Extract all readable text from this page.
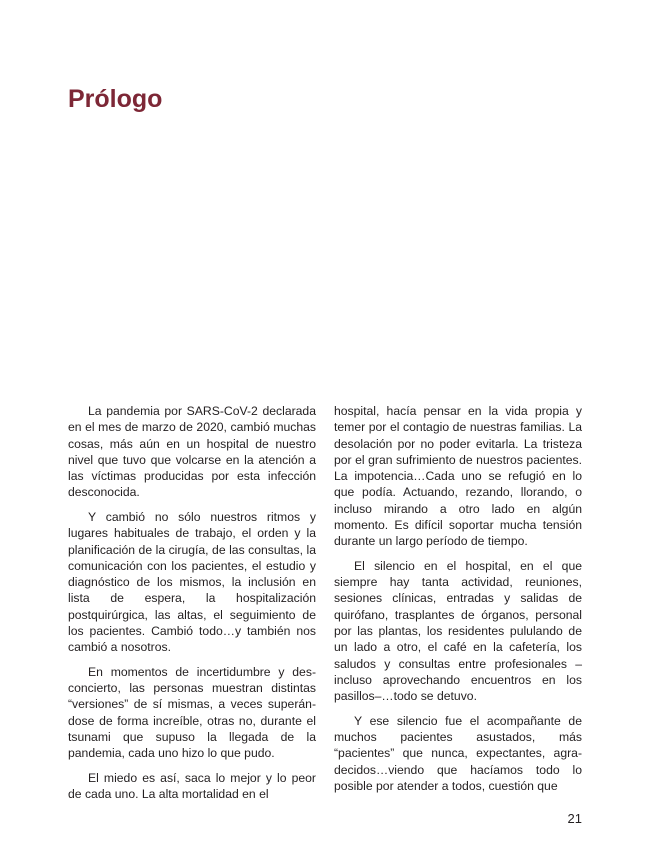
Prólogo

La pandemia por SARS-CoV-2 declarada en el mes de marzo de 2020, cambió muchas cosas, más aún en un hospital de nuestro nivel que tuvo que volcarse en la atención a las víctimas producidas por esta infección desconocida.

Y cambió no sólo nuestros ritmos y lugares habituales de trabajo, el orden y la planificación de la cirugía, de las consultas, la comunicación con los pacientes, el estudio y diagnóstico de los mismos, la inclusión en lista de espera, la hospitalización postquirúrgica, las altas, el seguimiento de los pacientes. Cambió todo…y también nos cambió a nosotros.

En momentos de incertidumbre y desconcierto, las personas muestran distintas “versiones” de sí mismas, a veces superándose de forma increíble, otras no, durante el tsunami que supuso la llegada de la pandemia, cada uno hizo lo que pudo.

El miedo es así, saca lo mejor y lo peor de cada uno. La alta mortalidad en el

hospital, hacía pensar en la vida propia y temer por el contagio de nuestras familias. La desolación por no poder evitarla. La tristeza por el gran sufrimiento de nuestros pacientes. La impotencia…Cada uno se refugió en lo que podía. Actuando, rezando, llorando, o incluso mirando a otro lado en algún momento. Es difícil soportar mucha tensión durante un largo período de tiempo.

El silencio en el hospital, en el que siempre hay tanta actividad, reuniones, sesiones clínicas, entradas y salidas de quirófano, trasplantes de órganos, personal por las plantas, los residentes pululando de un lado a otro, el café en la cafetería, los saludos y consultas entre profesionales –incluso aprovechando encuentros en los pasillos–…todo se detuvo.

Y ese silencio fue el acompañante de muchos pacientes asustados, más “pacientes” que nunca, expectantes, agradecidos…viendo que hacíamos todo lo posible por atender a todos, cuestión que

21
